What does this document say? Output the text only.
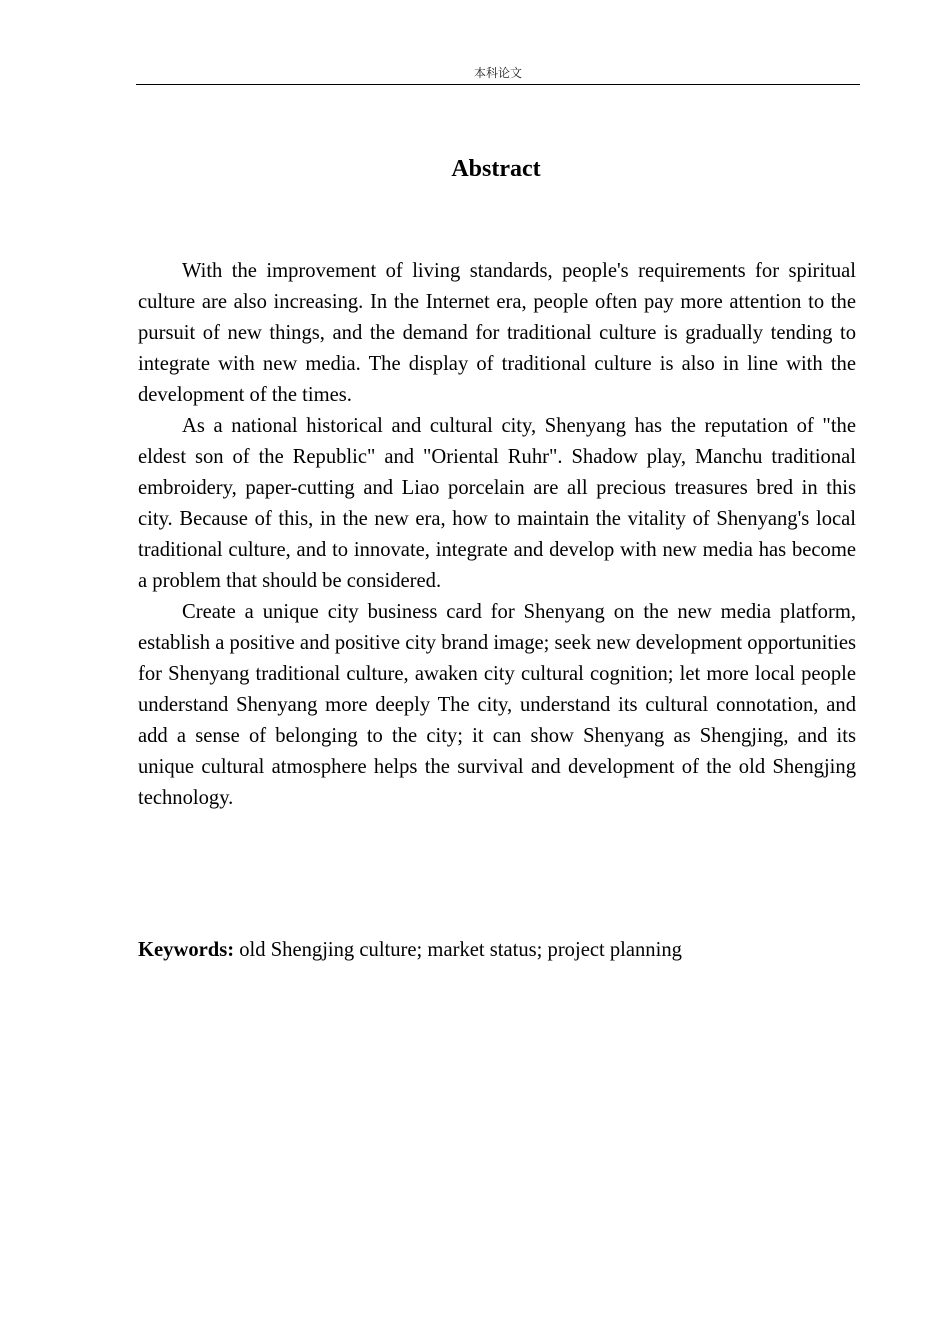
本科论文
Abstract

With the improvement of living standards, people's requirements for spiritual culture are also increasing. In the Internet era, people often pay more attention to the pursuit of new things, and the demand for traditional culture is gradually tending to integrate with new media. The display of traditional culture is also in line with the development of the times.

As a national historical and cultural city, Shenyang has the reputation of "the eldest son of the Republic" and "Oriental Ruhr". Shadow play, Manchu traditional embroidery, paper-cutting and Liao porcelain are all precious treasures bred in this city. Because of this, in the new era, how to maintain the vitality of Shenyang's local traditional culture, and to innovate, integrate and develop with new media has become a problem that should be considered.

Create a unique city business card for Shenyang on the new media platform, establish a positive and positive city brand image; seek new development opportunities for Shenyang traditional culture, awaken city cultural cognition; let more local people understand Shenyang more deeply The city, understand its cultural connotation, and add a sense of belonging to the city; it can show Shenyang as Shengjing, and its unique cultural atmosphere helps the survival and development of the old Shengjing technology.

Keywords: old Shengjing culture; market status; project planning
